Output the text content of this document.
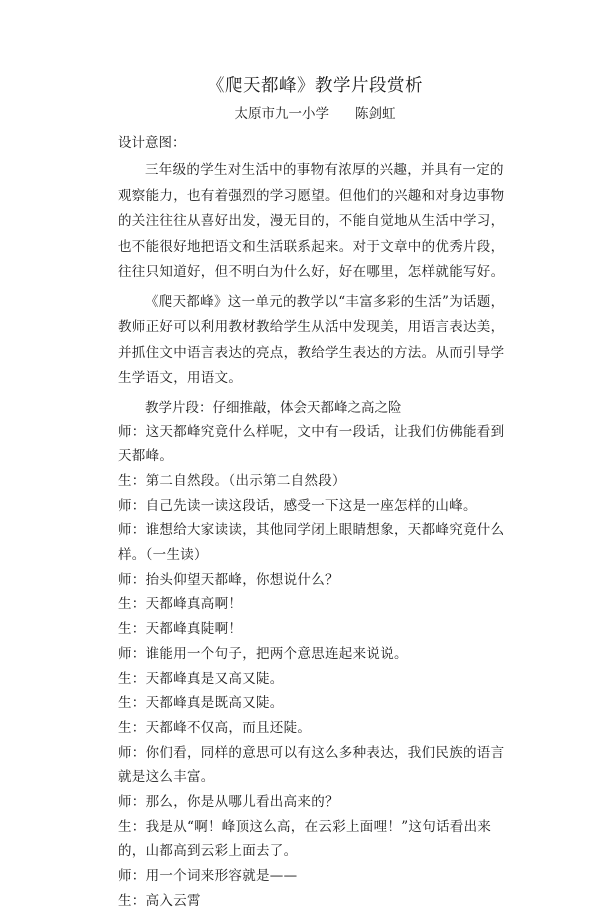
《爬天都峰》教学片段赏析
太原市九一小学 陈剑虹
设计意图：

三年级的学生对生活中的事物有浓厚的兴趣，并具有一定的观察能力，也有着强烈的学习愿望。但他们的兴趣和对身边事物的关注往往从喜好出发，漫无目的，不能自觉地从生活中学习，也不能很好地把语文和生活联系起来。对于文章中的优秀片段，往往只知道好，但不明白为什么好，好在哪里，怎样就能写好。

《爬天都峰》这一单元的教学以“丰富多彩的生活”为话题，教师正好可以利用教材教给学生从活中发现美，用语言表达美，并抓住文中语言表达的亮点，教给学生表达的方法。从而引导学生学语文，用语文。

教学片段：仔细推敲，体会天都峰之高之险
师：这天都峰究竟什么样呢，文中有一段话，让我们仿佛能看到天都峰。
生：第二自然段。（出示第二自然段）
师：自己先读一读这段话，感受一下这是一座怎样的山峰。
师：谁想给大家读读，其他同学闭上眼睛想象，天都峰究竟什么样。（一生读）
师：抬头仰望天都峰，你想说什么？
生：天都峰真高啊！
生：天都峰真陡啊！
师：谁能用一个句子，把两个意思连起来说说。
生：天都峰真是又高又陡。
生：天都峰真是既高又陡。
生：天都峰不仅高，而且还陡。
师：你们看，同样的意思可以有这么多种表达，我们民族的语言就是这么丰富。
师：那么，你是从哪儿看出高来的？
生：我是从“啊！峰顶这么高，在云彩上面哩！”这句话看出来的，山都高到云彩上面去了。
师：用一个词来形容就是——
生：高入云霄
